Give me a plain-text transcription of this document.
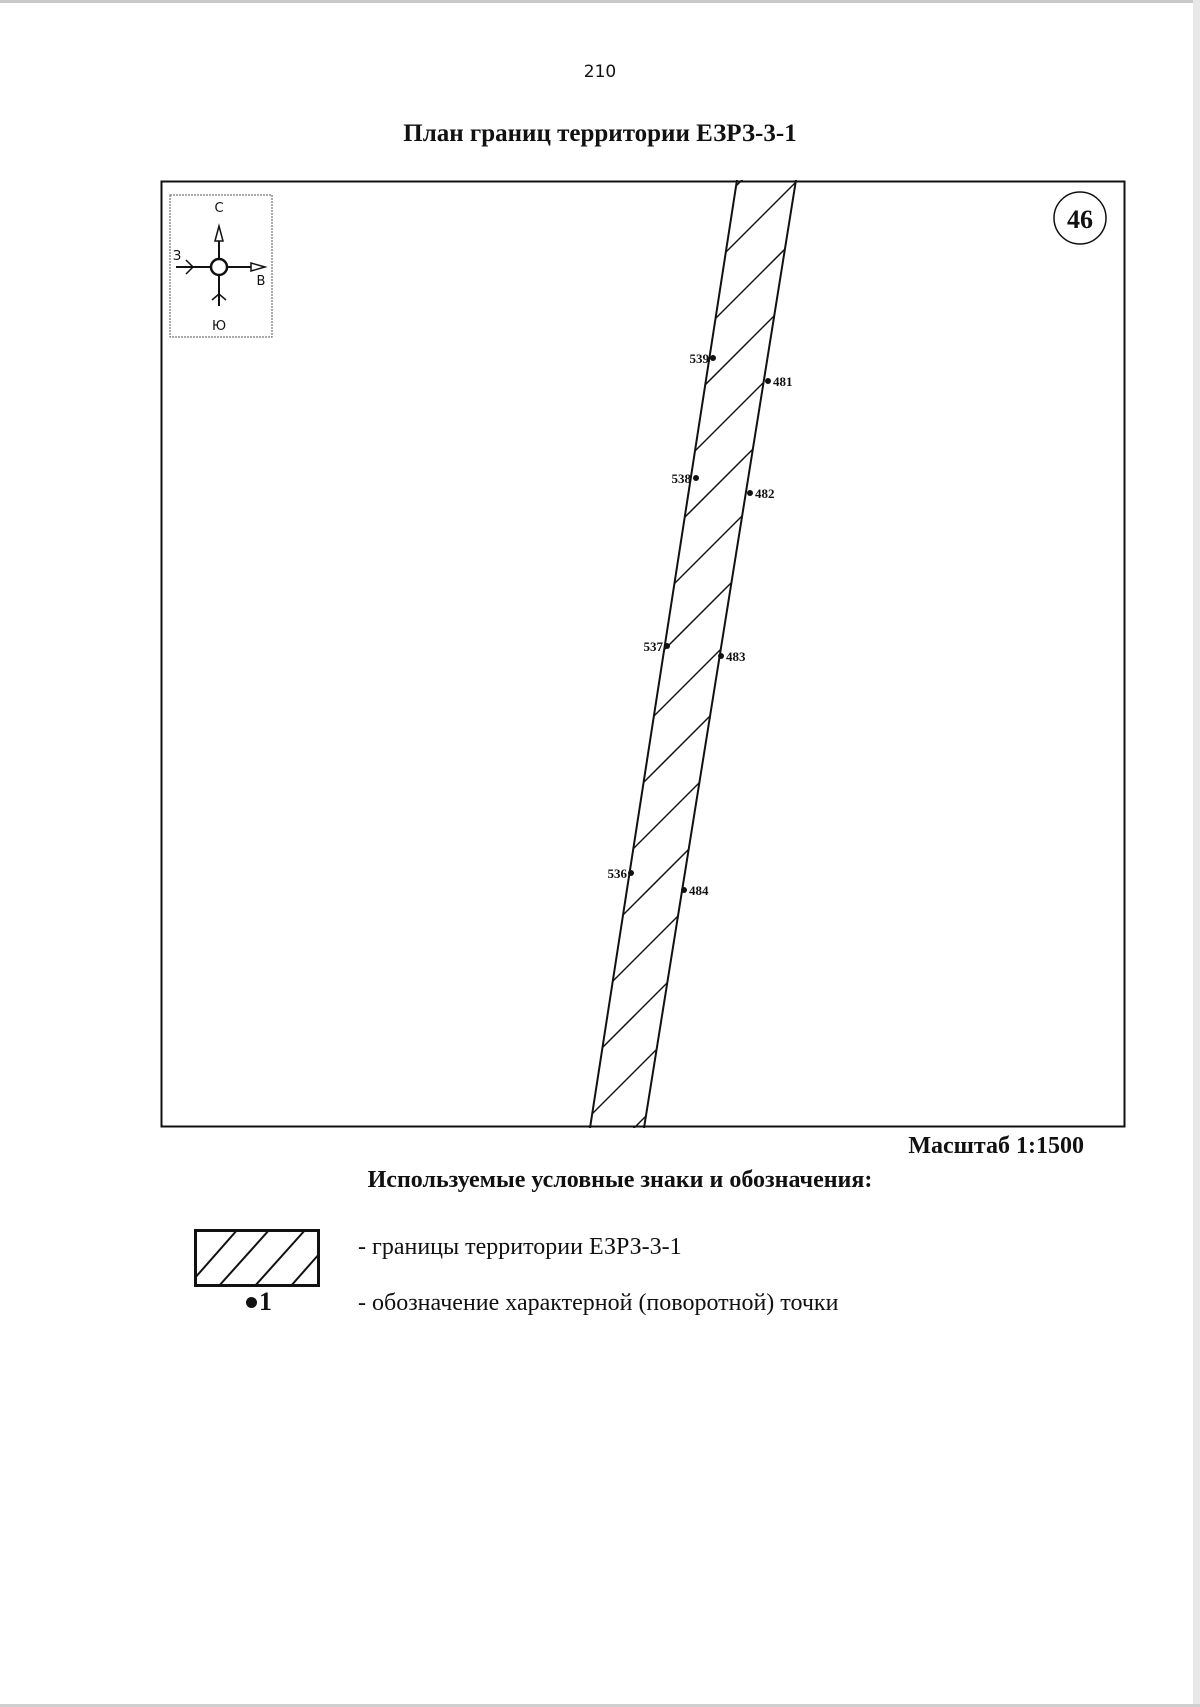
210
План границ территории ЕЗРЗ-3-1
С
Ю
З
В
46
539
538
537
536
481
482
483
484
Масштаб 1:1500
Используемые условные знаки и обозначения:
- границы территории ЕЗРЗ-3-1
1	- обозначение характерной (поворотной) точки
